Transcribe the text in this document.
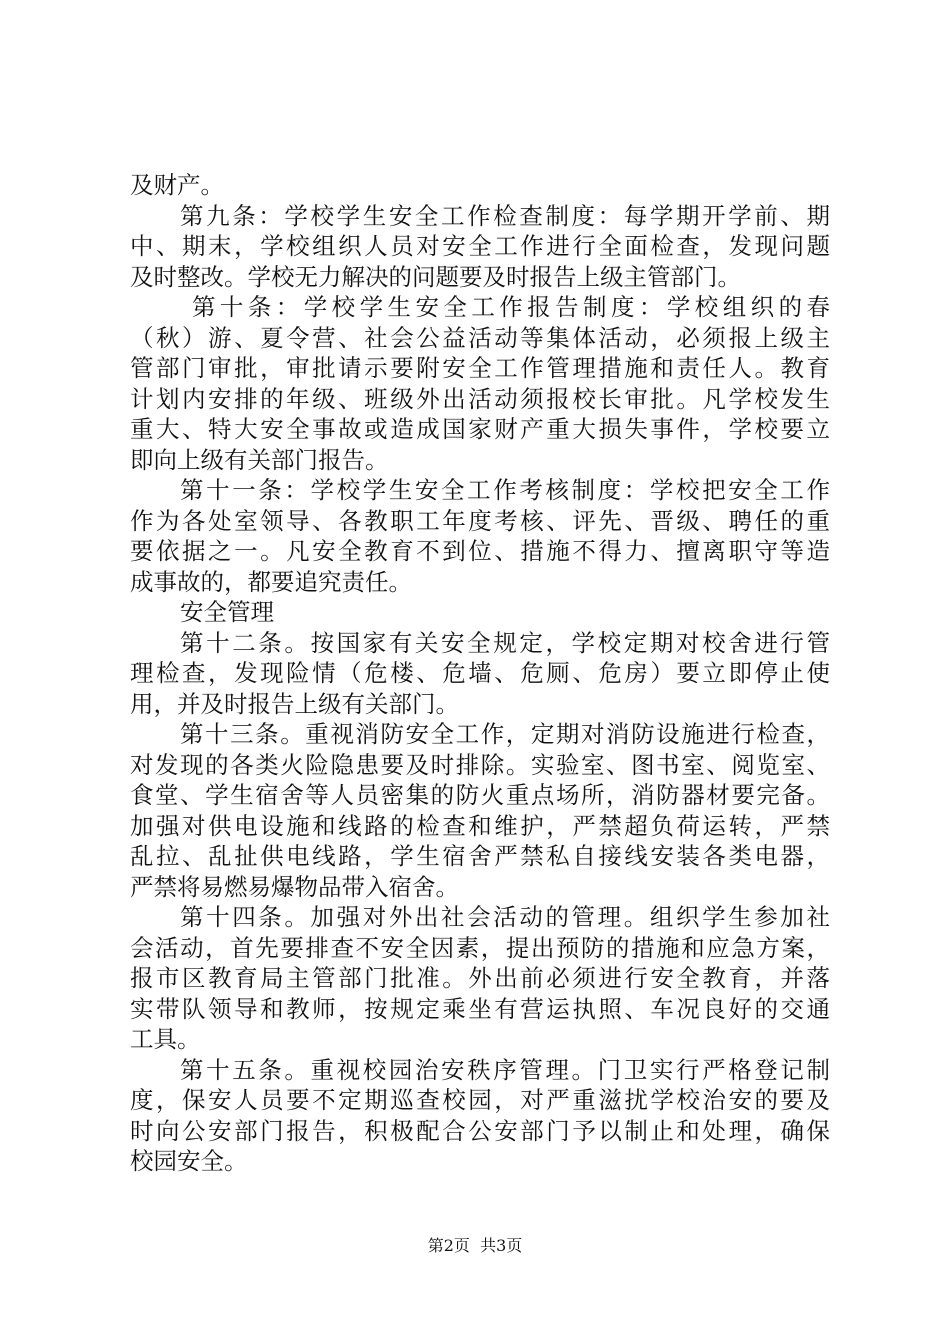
及财产。
第九条：学校学生安全工作检查制度：每学期开学前、期
中、期末，学校组织人员对安全工作进行全面检查，发现问题
及时整改。学校无力解决的问题要及时报告上级主管部门。
第十条：学校学生安全工作报告制度：学校组织的春
（秋）游、夏令营、社会公益活动等集体活动，必须报上级主
管部门审批，审批请示要附安全工作管理措施和责任人。教育
计划内安排的年级、班级外出活动须报校长审批。凡学校发生
重大、特大安全事故或造成国家财产重大损失事件，学校要立
即向上级有关部门报告。
第十一条：学校学生安全工作考核制度：学校把安全工作
作为各处室领导、各教职工年度考核、评先、晋级、聘任的重
要依据之一。凡安全教育不到位、措施不得力、擅离职守等造
成事故的，都要追究责任。
安全管理
第十二条。按国家有关安全规定，学校定期对校舍进行管
理检查，发现险情（危楼、危墙、危厕、危房）要立即停止使
用，并及时报告上级有关部门。
第十三条。重视消防安全工作，定期对消防设施进行检查，
对发现的各类火险隐患要及时排除。实验室、图书室、阅览室、
食堂、学生宿舍等人员密集的防火重点场所，消防器材要完备。
加强对供电设施和线路的检查和维护，严禁超负荷运转，严禁
乱拉、乱扯供电线路，学生宿舍严禁私自接线安装各类电器，
严禁将易燃易爆物品带入宿舍。
第十四条。加强对外出社会活动的管理。组织学生参加社
会活动，首先要排查不安全因素，提出预防的措施和应急方案，
报市区教育局主管部门批准。外出前必须进行安全教育，并落
实带队领导和教师，按规定乘坐有营运执照、车况良好的交通
工具。
第十五条。重视校园治安秩序管理。门卫实行严格登记制
度，保安人员要不定期巡查校园，对严重滋扰学校治安的要及
时向公安部门报告，积极配合公安部门予以制止和处理，确保
校园安全。
第2页  共3页
